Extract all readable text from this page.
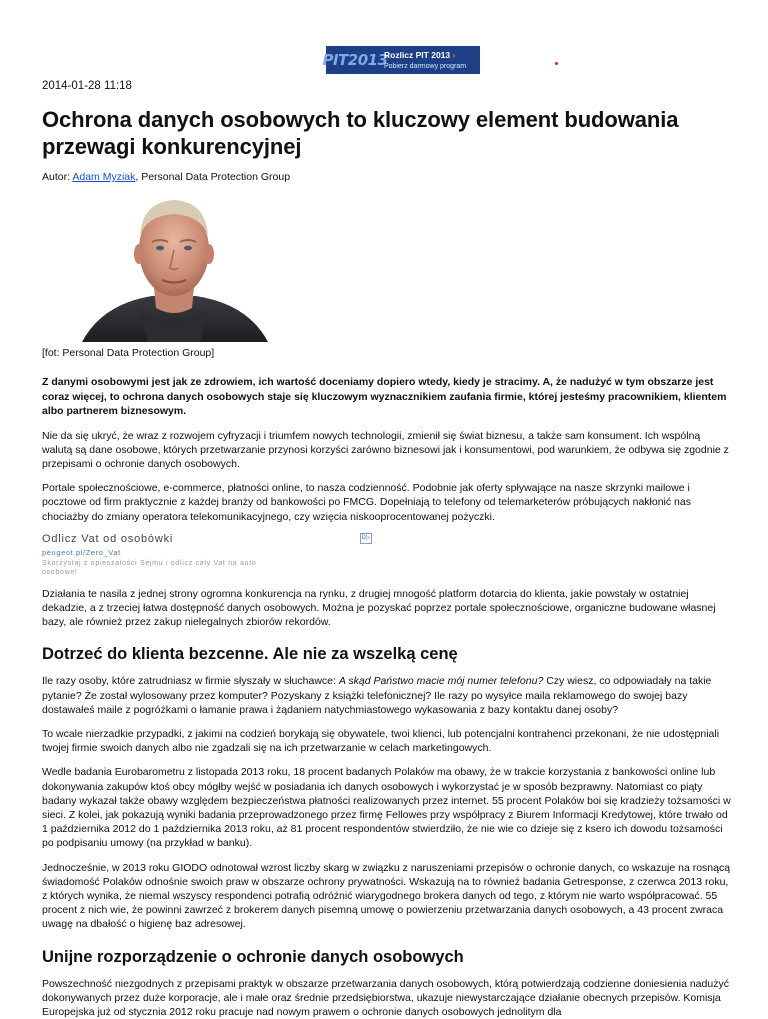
PIT2013
Rozlicz PIT 2013 ›
Pobierz darmowy program
2014-01-28 11:18
Ochrona danych osobowych to kluczowy element budowania przewagi konkurencyjnej
Autor: Adam Myziak, Personal Data Protection Group
[fot: Personal Data Protection Group]
Z danymi osobowymi jest jak ze zdrowiem, ich wartość doceniamy dopiero wtedy, kiedy je stracimy. A, że nadużyć w tym obszarze jest coraz więcej, to ochrona danych osobowych staje się kluczowym wyznacznikiem zaufania firmie, której jesteśmy pracownikiem, klientem albo partnerem biznesowym.

Nie da się ukryć, że wraz z rozwojem cyfryzacji i triumfem nowych technologii, zmienił się świat biznesu, a także sam konsument. Ich wspólną walutą są dane osobowe, których przetwarzanie przynosi korzyści zarówno biznesowi jak i konsumentowi, pod warunkiem, że odbywa się zgodnie z przepisami o ochronie danych osobowych.

Portale społecznościowe, e-commerce, płatności online, to nasza codzienność. Podobnie jak oferty spływające na nasze skrzynki mailowe i pocztowe od firm praktycznie z każdej branży od bankowości po FMCG. Dopełniają to telefony od telemarketerów próbujących nakłonić nas chociażby do zmiany operatora telekomunikacyjnego, czy wzięcia niskooprocentowanej pożyczki.

Odlicz Vat od osobówki
peugeot.pl/Zero_Vat
Skorzystaj z opieszałości Sejmu i odlicz cały Vat na auto osobowe!
D▷

Działania te nasila z jednej strony ogromna konkurencja na rynku, z drugiej mnogość platform dotarcia do klienta, jakie powstały w ostatniej dekadzie, a z trzeciej łatwa dostępność danych osobowych. Można je pozyskać poprzez portale społecznościowe, organiczne budowane własnej bazy, ale również przez zakup nielegalnych zbiorów rekordów.

Dotrzeć do klienta bezcenne. Ale nie za wszelką cenę

Ile razy osoby, które zatrudniasz w firmie słyszały w słuchawce: A skąd Państwo macie mój numer telefonu? Czy wiesz, co odpowiadały na takie pytanie? Że został wylosowany przez komputer? Pozyskany z książki telefonicznej? Ile razy po wysyłce maila reklamowego do swojej bazy dostawałeś maile z pogróżkami o łamanie prawa i żądaniem natychmiastowego wykasowania z bazy kontaktu danej osoby?

To wcale nierzadkie przypadki, z jakimi na codzień borykają się obywatele, twoi klienci, lub potencjalni kontrahenci przekonani, że nie udostępniali twojej firmie swoich danych albo nie zgadzali się na ich przetwarzanie w celach marketingowych.

Wedle badania Eurobarometru z listopada 2013 roku, 18 procent badanych Polaków ma obawy, że w trakcie korzystania z bankowości online lub dokonywania zakupów ktoś obcy mógłby wejść w posiadania ich danych osobowych i wykorzystać je w sposób bezprawny. Natomiast co piąty badany wykazał także obawy względem bezpieczeństwa płatności realizowanych przez internet. 55 procent Polaków boi się kradzieży tożsamości w sieci. Z kolei, jak pokazują wyniki badania przeprowadzonego przez firmę Fellowes przy współpracy z Biurem Informacji Kredytowej, które trwało od 1 października 2012 do 1 października 2013 roku, aż 81 procent respondentów stwierdziło, że nie wie co dzieje się z ksero ich dowodu tożsamości po podpisaniu umowy (na przykład w banku).

Jednocześnie, w 2013 roku GIODO odnotował wzrost liczby skarg w związku z naruszeniami przepisów o ochronie danych, co wskazuje na rosnącą świadomość Polaków odnośnie swoich praw w obszarze ochrony prywatności. Wskazują na to również badania Getresponse, z czerwca 2013 roku, z których wynika, że niemal wszyscy respondenci potrafią odróżnić wiarygodnego brokera danych od tego, z którym nie warto współpracować. 55 procent z nich wie, że powinni zawrzeć z brokerem danych pisemną umowę o powierzeniu przetwarzania danych osobowych, a 43 procent zwraca uwagę na dbałość o higienę baz adresowej.

Unijne rozporządzenie o ochronie danych osobowych

Powszechność niezgodnych z przepisami praktyk w obszarze przetwarzania danych osobowych, którą potwierdzają codzienne doniesienia nadużyć dokonywanych przez duże korporacje, ale i małe oraz średnie przedsiębiorstwa, ukazuje niewystarczające działanie obecnych przepisów. Komisja Europejska już od stycznia 2012 roku pracuje nad nowym prawem o ochronie danych osobowych jednolitym dla
